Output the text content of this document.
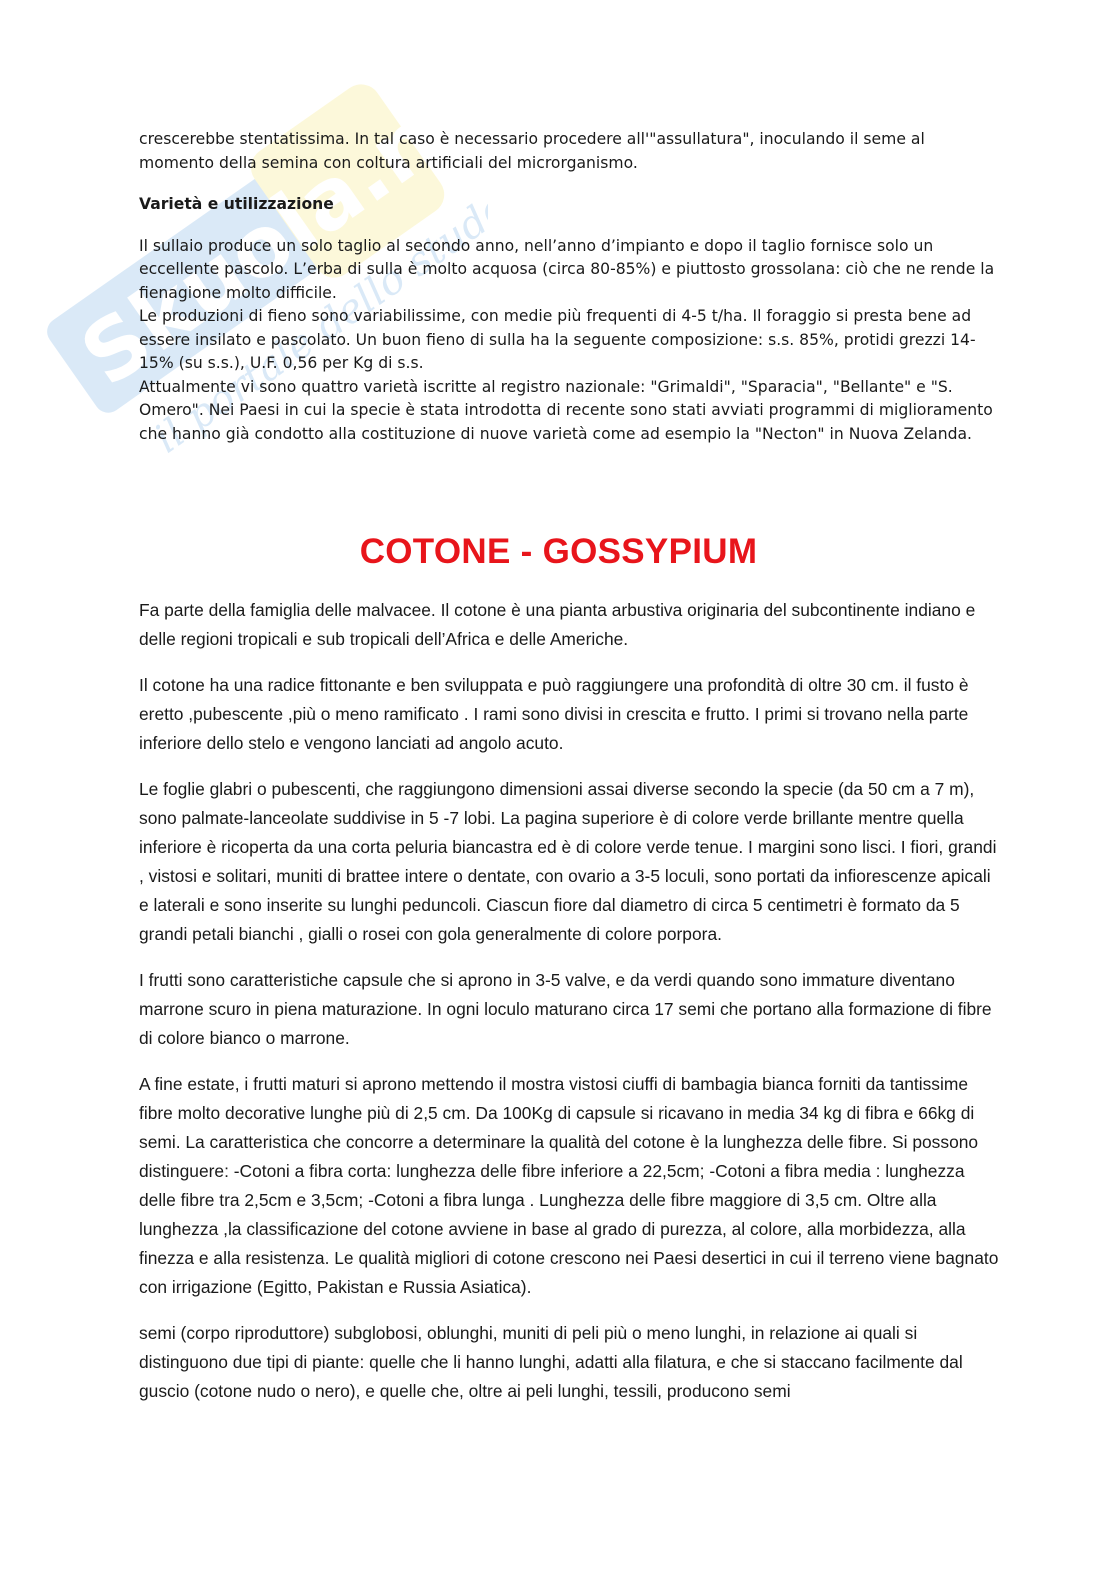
Skuola.net
il portale dello studente

crescerebbe stentatissima. In tal caso è necessario procedere all'"assullatura", inoculando il seme al momento della semina con coltura artificiali del microrganismo.

Varietà e utilizzazione

Il sullaio produce un solo taglio al secondo anno, nell’anno d’impianto e dopo il taglio fornisce solo un eccellente pascolo. L’erba di sulla è molto acquosa (circa 80-85%) e piuttosto grossolana: ciò che ne rende la fienagione molto difficile.

Le produzioni di fieno sono variabilissime, con medie più frequenti di 4-5 t/ha. Il foraggio si presta bene ad essere insilato e pascolato. Un buon fieno di sulla ha la seguente composizione: s.s. 85%, protidi grezzi 14-15% (su s.s.), U.F. 0,56 per Kg di s.s.

Attualmente vi sono quattro varietà iscritte al registro nazionale: "Grimaldi", "Sparacia", "Bellante" e "S. Omero". Nei Paesi in cui la specie è stata introdotta di recente sono stati avviati programmi di miglioramento che hanno già condotto alla costituzione di nuove varietà come ad esempio la "Necton" in Nuova Zelanda.

COTONE - GOSSYPIUM

Fa parte della famiglia delle malvacee. Il cotone è una pianta arbustiva originaria del subcontinente indiano e delle regioni tropicali e sub tropicali dell’Africa e delle Americhe.

Il cotone ha una radice fittonante e ben sviluppata e può raggiungere una profondità di oltre 30 cm. il fusto è eretto ,pubescente ,più o meno ramificato . I rami sono divisi in crescita e frutto. I primi si trovano nella parte inferiore dello stelo e vengono lanciati ad angolo acuto.

Le foglie glabri o pubescenti, che raggiungono dimensioni assai diverse secondo la specie (da 50 cm a 7 m), sono palmate-lanceolate suddivise in 5 -7 lobi. La pagina superiore è di colore verde brillante mentre quella inferiore è ricoperta da una corta peluria biancastra ed è di colore verde tenue. I margini sono lisci. I fiori, grandi , vistosi e solitari, muniti di brattee intere o dentate, con ovario a 3-5 loculi, sono portati da infiorescenze apicali e laterali e sono inserite su lunghi peduncoli. Ciascun fiore dal diametro di circa 5 centimetri è formato da 5 grandi petali bianchi , gialli o rosei con gola generalmente di colore porpora.

I frutti sono caratteristiche capsule che si aprono in 3-5 valve, e da verdi quando sono immature diventano marrone scuro in piena maturazione. In ogni loculo maturano circa 17 semi che portano alla formazione di fibre di colore bianco o marrone.

A fine estate, i frutti maturi si aprono mettendo il mostra vistosi ciuffi di bambagia bianca forniti da tantissime fibre molto decorative lunghe più di 2,5 cm. Da 100Kg di capsule si ricavano in media 34 kg di fibra e 66kg di semi. La caratteristica che concorre a determinare la qualità del cotone è la lunghezza delle fibre. Si possono distinguere: -Cotoni a fibra corta: lunghezza delle fibre inferiore a 22,5cm; -Cotoni a fibra media : lunghezza delle fibre tra 2,5cm e 3,5cm; -Cotoni a fibra lunga . Lunghezza delle fibre maggiore di 3,5 cm. Oltre alla lunghezza ,la classificazione del cotone avviene in base al grado di purezza, al colore, alla morbidezza, alla finezza e alla resistenza. Le qualità migliori di cotone crescono nei Paesi desertici in cui il terreno viene bagnato con irrigazione (Egitto, Pakistan e Russia Asiatica).

semi (corpo riproduttore) subglobosi, oblunghi, muniti di peli più o meno lunghi, in relazione ai quali si distinguono due tipi di piante: quelle che li hanno lunghi, adatti alla filatura, e che si staccano facilmente dal guscio (cotone nudo o nero), e quelle che, oltre ai peli lunghi, tessili, producono semi
